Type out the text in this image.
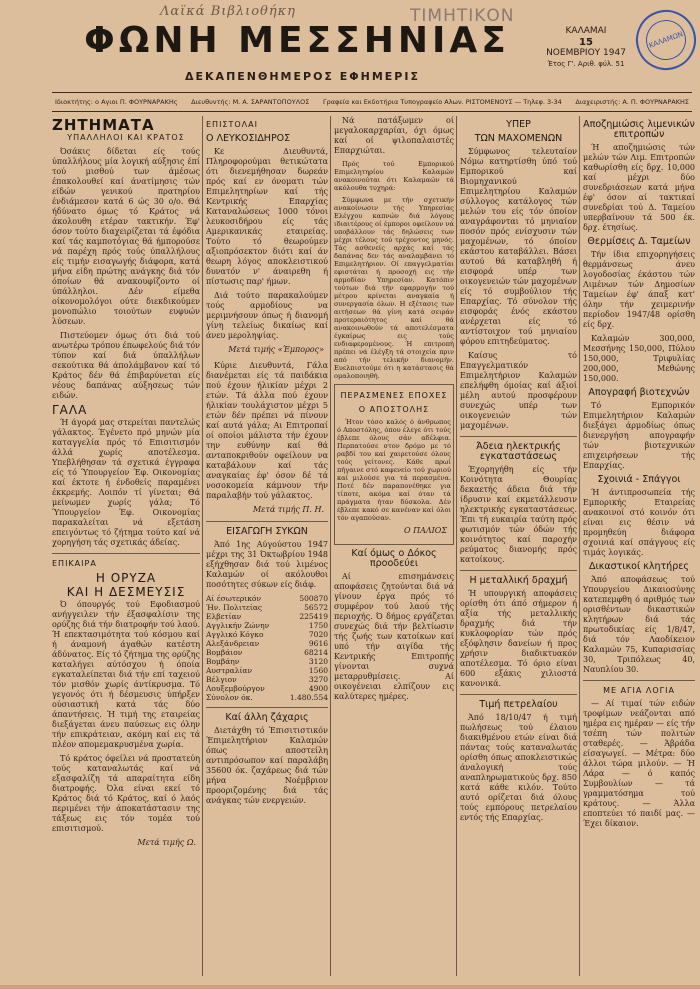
Λαϊκά Βιβλιοθήκη	ΤΙΜΗΤΙΚΟΝ
ΦΩΝΗ ΜΕΣΣΗΝΙΑΣ
ΔΕΚΑΠΕΝΘΗΜΕΡΟΣ ΕΦΗΜΕΡΙΣ
ΚΑΛΑΜΑΙ
15
ΝΟΕΜΒΡΙΟΥ 1947
Έτος Γ'. Αριθ. φύλ. 51
ΚΑΛΑΜΩΝ
Ιδιοκτήτης: ο Αγιοι Π. ΦΟΥΡΝΑΡΑΚΗς	Διευθυντής: Μ. Α. ΣΑΡΑΝΤΟΠΟΥΛΟΣ	Γραφεία και Εκδοτήρια Τυπογραφείο Αλων. ΡΙΣΤΟΜΕΝΟΥΣ — Τηλεφ. 3-34	Διαχειριστής: Α. Π. ΦΟΥΡΝΑΡΑΚΗΣ
ΖΗΤΗΜΑΤΑ
ΥΠΑΛΛΗΛΟΙ ΚΑΙ ΚΡΑΤΟΣ

Όσάκις δίδεται είς τούς ύπαλλήλους μία λογική αύξησις έπί τού μισθού των άμέσως έπακολουθεί καί άνατίμησις τών είδών γενικού πρατηρίου ένδιάμεσον κατά 6 ώς 30 ο/ο. Θά ήδύνατο όμως τό Κράτος νά άκολουθη ετέραν τακτικήν. Έφ' όσον τούτο διαχειρίζεται τά έφόδια καί τάς καμποτόγιας θά ήμπορούσε νά παρέχη πρός τούς ύπαλλήλους είς τιμήν εισαγωγής διάφορα, κατά μήνα είδη πρώτης ανάγκης διά τόν όποίων θά ανακουφίζοντο οί ύπάλληλοι. Δέν είμεθα οίκονομολόγοι ούτε διεκδικούμεν μονοπώλιο τοιούτων ευφυών λύσεων.

Πιστεύομεν όμως ότι διά τού ανωτέρω τρόπου έπωφελούς διά τόν τύπον καί διά ύπαλλήλων σεκούτικα θά άπολάμβανον καί τό Κράτος δέν θά έπιβαρύνεται είς νέους δαπάνας αύξησεως τών ειδών.

ΓΑΛΑ

Ή άγορά μας στερείται παντελώς γάλακτος. Έγένετο πρό μηνών μία καταγγελία πρός τό Επισιτισμόν άλλά χωρίς αποτέλεσμα. Υπεβλήθησαν τά σχετικά έγγραφα είς τό Ύπουργείον Έφ. Οικονομίας καί έκτοτε ή ένδοθείς παραμένει έκκρεμής. Λοιπόν τί γίνεται; Θά μείνωμεν χωρίς γάλα; Τό Ύπουργείον Έφ. Οικονομίας παρακαλείται νά εξετάση επειγόντως τό ζήτημα τούτο καί νά χορηγήση τάς σχετικάς άδείας.

ΕΠΙΚΑΙΡΑ
Η ΟΡΥΖΑ
ΚΑΙ Η ΔΕΣΜΕΥΣΙΣ

Ό όπουργός τού Εφοδιασμού ανήγγειλεν τήν έξασφαλίσιν της ορύζης διά τήν διατροφήν τού λαού. Ή επεκτασιμότητα τού κόσμου καί ή άναμονή άγαθών κατέστη άδύνατος. Είς τό ζήτημα της ορύζης καταλήγει αύτόσχου ή όποία εγκαταλείπεται διά τήν επί ταχειού τόν μισθόν χωρίς άντίκρυσμα. Τό γεγονός ότι ή δέσμευσις ύπήρξεν ούσιαστική κατά τάς δύο άπαντήσεις. Ή τιμή της εταιρείας διεξάγεται άνευ παύσεως εις όλην τήν επικράτειαν, ακόμη καί εις τά πλέον απομεμακρυσμένα χωρία.

Τό κράτος όφείλει νά προστατεύη τούς καταναλωτάς καί νά εξασφαλίζη τά απαραίτητα είδη διατροφής. Όλα είναι εκεί τό Κράτος διά τό Κράτος, καί ό λαός περιμένει τήν άποκατάστασιν της τάξεως εις τόν τομέα τού επισιτισμού.

Μετά τιμής Ω.
ΕΠΙΣΤΟΛΑΙ
Ο ΛΕΥΚΟΣΙΔΗΡΟΣ

Κε Διευθυντά, Πληροφορούμαι θετικώτατα ότι διενεμήθησαν δωρεάν πρός καί εν όνοματι τών Επιμελητηρίων καί τής Κεντρικής Επαρχίας Καταναλώσεως 1000 τόνοι λευκοσιδήρου είς τάς Αμερικανικάς εταιρείας. Τούτο τό θεωρούμεν αξιοπρόσεκτον διότι καί άν θεωρη λόγος αποκλειστικού δυνατόν ν' άναιρεθη ή πίστωσις παρ' ήμων.

Διά τούτο παρακαλούμεν τούς αρμοδίους να μεριμνήσουν όπως ή διανομή γίνη τελείως δικαίως καί άνευ μεροληψίας.

Μετά τιμής «Έμπορος»

Κύριε Διευθυντά, Γάλα διανέμεται είς τά παιδάκια πού έχουν ήλικίαν μέχρι 2 ετών. Τά άλλα πού έχουν ήλικίαν τουλάχιστον μέχρι 5 ετών δέν πρέπει νά πίνουν καί αυτά γάλα; Αι Επιτροπαί οί οποίοι μάλιστα τήν έχουν την ευθύνην καί θά ανταποκριθούν οφείλουν να καταβάλουν καί τάς αναγκαίας έφ' όσον δέ τά νοσοκομεία κάμνουν τήν παραλαβήν τού γάλακτος.

Μετά τιμής Π. Η.
ΕΙΣΑΓΩΓΗ ΣΥΚΩΝ

Άπό 1ης Αύγούστου 1947 μέχρι της 31 Όκτωβρίου 1948 εξήχθησαν διά τού λιμένος Καλαμών οί ακόλουθοι ποσότητες σύκων είς διάφ.

Αί έσωτερικόν	500870
Ήν. Πολιτείας	56572
Ελβετίαν	225419
Αγγλικήν Ζώνην	1750
Αγγλικό Κόγκο	7020
Αλεξάνδρειαν	9616
Βομβάιον	68214
Βομβάην	3120
Αυστραλίαν	1560
Βέλγιον	3270
Λουξεμβούργον	4900
Σύνολον όκ.	1.480.554
Καί άλλη ζάχαρις

Διετάχθη τό Έπισιτιστικόν Έπιμελητήριον Καλαμών όπως αποστείλη αντιπρόσωπον καί παραλάβη 35600 όκ. ζαχάρεως διά τών μήνα Νοέμβριον προοριζομένης διά τάς ανάγκας τών ενεργειών.

Νά πατάξωμεν οί μεγαλοκαρχαρίαι, όχι όμως καί οί ψιλοπαλαιστές Επαρχιώται.

Πρός τού Εμπορικού Επιμελητηρίου Καλαμών ανακοινούται ότι Καλαμαών τά ακόλουθα τυχηρά:

Σύμφωνα με τήν σχετικήν ανακοίνωσιν τής Υπηρεσίας Ελέγχου καπνών διά λόγους ιδιαιτέρους οί έμποροι οφείλουν νά υποβάλλουν τάς δηλώσεις των μέχρι τέλους τού τρέχοντος μηνός. Τάς ασθενείς αρχάς καί τάς δαπάνας δεν τάς αναλαμβάνει τό Επιμελητήριον. Οί επαγγελματίαι εφιστάται ή προσοχή εις τήν αρμοδίαν Υπηρεσίαν. Κατόπιν τούτων διά τήν εφαρμογήν τού μέτρου κρίνεται αναγκαία ή συνεργασία όλων. Η εξέτασις των αιτήσεων θά γίνη κατά σειράν προτεραιότητος καί θά ανακοινωθούν τά αποτελέσματα έγκαίρως εις τούς ενδιαφερομένους. Ή επιτροπή πρέπει νά έλέγξη τά στοιχεία πριν από τήν τελικήν διανομήν. Ευελπιστούμε ότι η κατάστασις θά ομαλοποιηθή.

ΠΕΡΑΣΜΕΝΕΣ ΕΠΟΧΕΣ
Ο ΑΠΟΣΤΟΛΗΣ

Ήτον τόσο καλός ό άνθρωπος ό Αποστόλης, όπου έλεγε ότι τούς έβλεπε όλους σάν αδέλφια. Περπατούσε στον δρόμο με τό ραβδί του καί χαιρετούσε όλους τούς γείτονες. Κάθε πρωί πήγαινε στό καφενείο τού χωριού καί μιλούσε για τά περασμένα. Ποτέ δέν παραπονέθηκε για τίποτε, ακόμα καί όταν τά πράγματα ήταν δύσκολα. Δέν έβλεπε κακό σε κανέναν καί όλοι τόν αγαπούσαν.

Ο ΠΑΛΙΟΣ
Καί όμως ο Δόκος προοδεύει

Αί επισημάνσεις αποφάσεις ζητούνται διά νά γίνουν έργα πρός τό συμφέρον τού λαού τής περιοχής. Ό δήμος εργάζεται συνεχώς διά τήν βελτίωσιν τής ζωής των κατοίκων καί υπό τήν αιγίδα τής Κεντρικής Επιτροπής γίνονται συχνά μεταρρυθμίσεις. Αί οικογένειαι ελπίζουν εις καλύτερες ημέρες.

ΥΠΕΡ
ΤΩΝ ΜΑΧΟΜΕΝΩΝ

Σύμφωνος τελευταίον Νόμω κατηρτίσθη ύπό τού Εμπορικού καί Βιομηχανικού Επιμελητηρίου Καλαμών σύλλογος κατάλογος τών μελών του είς τόν όποίον αναγράφονται τό μηνιαίον ποσόν πρός ενίσχυσιν τών μαχομένων, τό όποίον εκάστου καταβάλλει. Βάσει αυτού θά καταβληθή ή εισφορά υπέρ των οικογενειών τών μαχομένων είς τό συμβούλιον τής Επαρχίας. Τό σύνολον τής εισφοράς ένός εκάστου ανέρχεται είς τό αντίστοιχον τού μηνιαίου φόρου επιτηδεύματος.

Καίσυς τό Επαγγελματικόν Επιμελητήριον Καλαμών επελήφθη όμοίας καί άξιοί μέλη αυτού προσφέρουν συνεχώς υπέρ των οικογενειών τών μαχομένων.

Άδεια ηλεκτρικής εγκαταστάσεως

Έχορηγήθη είς τήν Κοινότητα Θουρίας δεκαετής άδεια διά τήν ίδρυσιν καί εκμετάλλευσιν ηλεκτρικής εγκαταστάσεως. Έπι τή ευκαιρία ταύτη πρός φωτισμόν τών όδών τής κοινότητος καί παροχήν ρεύματος διανομής πρός κατοίκους.

Η μεταλλική δραχμή

Ή υπουργική αποφάσεις ορίσθη ότι άπό σήμερον ή αξία τής μεταλλικής δραχμής διά τήν κυκλοφορίαν τών πρός εξόφλησιν δανείων ή προς χρήσιν διαδικτυακόν αποτέλεσμα. Τό όριο είναι 600 εξάκις χιλιοστά κανονικά.

Τιμή πετρελαίου

Άπό 18/10/47 ή τιμή πωλήσεως τού έλαιου διακιθμένου ετών είναι διά πάντας τούς καταναλωτάς ορίσθη όπως αποκλειστικώς άναλογική τούς αναπληρωματικούς δρχ. 850 κατά κάθε κιλόν. Τούτο αυτό ορίζεται διά όλους τούς εμπόρους πετρελαίου εντός τής Επαρχίας.

Αποζημιώσις λιμενικών επιτροπών

Ή αποζημιώσις τών μελών τών Λιμ. Επιτροπών καθωρίσθη είς δρχ. 10,000 καί μέχρι δύο συνεδριάσεων κατά μήνα έφ' όσον αί τακτικαί συνεδρίαι τού Δ. Ταμείου υπερβαίνουν τά 500 έκ. δρχ. έτησίως.

Θερμίσεις Δ. Ταμείων

Τήν ίδια επιχορηγήσεις θερμάνσεως άνευ λογοδοσίας έκάστου τών Λιμένων τών Δημοσίων Ταμείων έφ' άπαξ κατ' όλην τήν χειμερινήν περίοδον 1947/48 ορίσθη είς δρχ.

Καλαμών 300,000, Μεσσήνης 150,000, Πύλου 150,000, Τριφυλίας 200,000, Μεθώνης 150,000.

Απογραφή βιοτεχνών

Τό Εμπορικόν Επιμελητήριον Καλαμών διεξάγει άρμοδίως όπως διενεργήση απογραφήν τών βιοτεχνικών επιχειρήσεων τής Επαρχίας.

Σχοινιά - Σπάγγοι

Ή άντιπροσωπεία τής Εμπορικής Εταιρείας ανακοινοί στό κοινόν ότι είναι εις θέσιν νά προμηθεύη διάφορα σχοινιά καί σπάγγους είς τιμάς λογικάς.

Δικαστικοί κλητήρες

Άπό αποφάσεως τού Υπουργείου Δικαιοσύνης κατεπεμφθη ό αριθμός των ορισθέντων δικαστικών κλητήρων διά τάς πρωτοδικίας είς 1/8/47, διά τόν Λαοδίκειον Καλαμών 75, Κυπαρισσίας 30, Τριπόλεως 40, Ναυπλίου 30.

ΜΕ ΑΓΙΑ ΛΟΓΙΑ

— Αί τιμαί τών ειδών τροφίμων νεάζονται από ημέρα εις ημέραν — είς τήν τσέπη τών πολιτών σταθερές. — Άβράδα είσαγωγεί. — Μέτρα: δύο άλλοι τώρα μιλούν. — Ή Λάρα — ό καπός Συμβουλίων — τά γραμματόσημα τού κράτους. — Άλλα εποπτεύει τό παιδί μας. — Έχει δίκαιον.
